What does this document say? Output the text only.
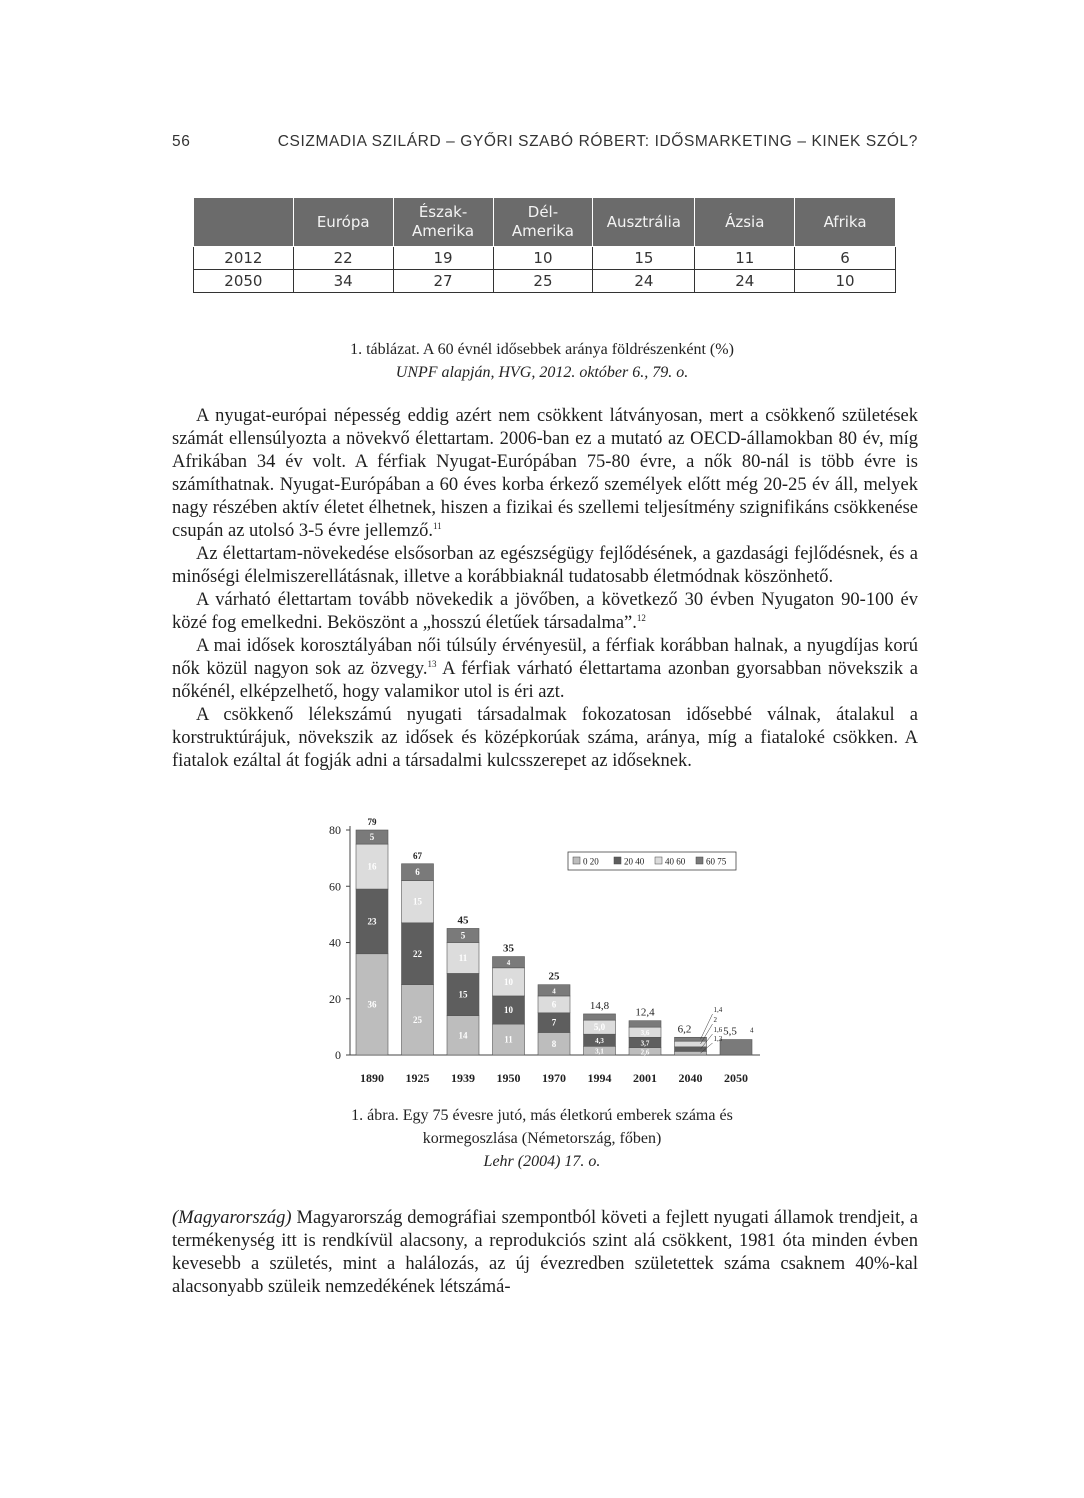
56	CSIZMADIA SZILÁRD – GYŐRI SZABÓ RÓBERT: IDŐSMARKETING – KINEK SZÓL?
	Európa	Észak-Amerika	Dél-Amerika	Ausztrália	Ázsia	Afrika
2012	22	19	10	15	11	6
2050	34	27	25	24	24	10
1. táblázat. A 60 évnél idősebbek aránya földrészenként (%)
UNPF alapján, HVG, 2012. október 6., 79. o.

A nyugat-európai népesség eddig azért nem csökkent látványosan, mert a csökkenő születések számát ellensúlyozta a növekvő élettartam. 2006-ban ez a mutató az OECD-államokban 80 év, míg Afrikában 34 év volt. A férfiak Nyugat-Európában 75-80 évre, a nők 80-nál is több évre is számíthatnak. Nyugat-Európában a 60 éves korba érkező személyek előtt még 20-25 év áll, melyek nagy részében aktív életet élhetnek, hiszen a fizikai és szellemi teljesítmény szignifikáns csökkenése csupán az utolsó 3-5 évre jellemző.$^{11}$

Az élettartam-növekedése elsősorban az egészségügy fejlődésének, a gazdasági fejlődésnek, és a minőségi élelmiszerellátásnak, illetve a korábbiaknál tudatosabb életmódnak köszönhető.

A várható élettartam tovább növekedik a jövőben, a következő 30 évben Nyugaton 90-100 év közé fog emelkedni. Beköszönt a „hosszú életűek társadalma”.$^{12}$

A mai idősek korosztályában női túlsúly érvényesül, a férfiak korábban halnak, a nyugdíjas korú nők közül nagyon sok az özvegy.$^{13}$ A férfiak várható élettartama azonban gyorsabban növekszik a nőkénél, elképzelhető, hogy valamikor utol is éri azt.

A csökkenő lélekszámú nyugati társadalmak fokozatosan idősebbé válnak, átalakul a korstruktúrájuk, növekszik az idősek és középkorúak száma, aránya, míg a fiataloké csökken. A fiatalok ezáltal át fogják adni a társadalmi kulcsszerepet az időseknek.

0
20
40
60
80
36
23
16
5
79
1890
25
22
15
6
67
1925
14
15
11
5
45
1939
11
10
10
4
35
1950
8
7
6
4
25
1970
3,1
4,3
5,0
14,8
1994
2,6
3,7
3,6
12,4
2001
6,2
2040
5,5
2050
1,3
1,6
2
1,4
4
0 20	20 40 40 60 60 75
1. ábra. Egy 75 évesre jutó, más életkorú emberek száma és
kormegoszlása (Németország, főben)
Lehr (2004) 17. o.

(Magyarország) Magyarország demográfiai szempontból követi a fejlett nyugati államok trendjeit, a termékenység itt is rendkívül alacsony, a reprodukciós szint alá csökkent, 1981 óta minden évben kevesebb a születés, mint a halálozás, az új évezredben születettek száma csaknem 40%-kal alacsonyabb szüleik nemzedékének létszámá-
